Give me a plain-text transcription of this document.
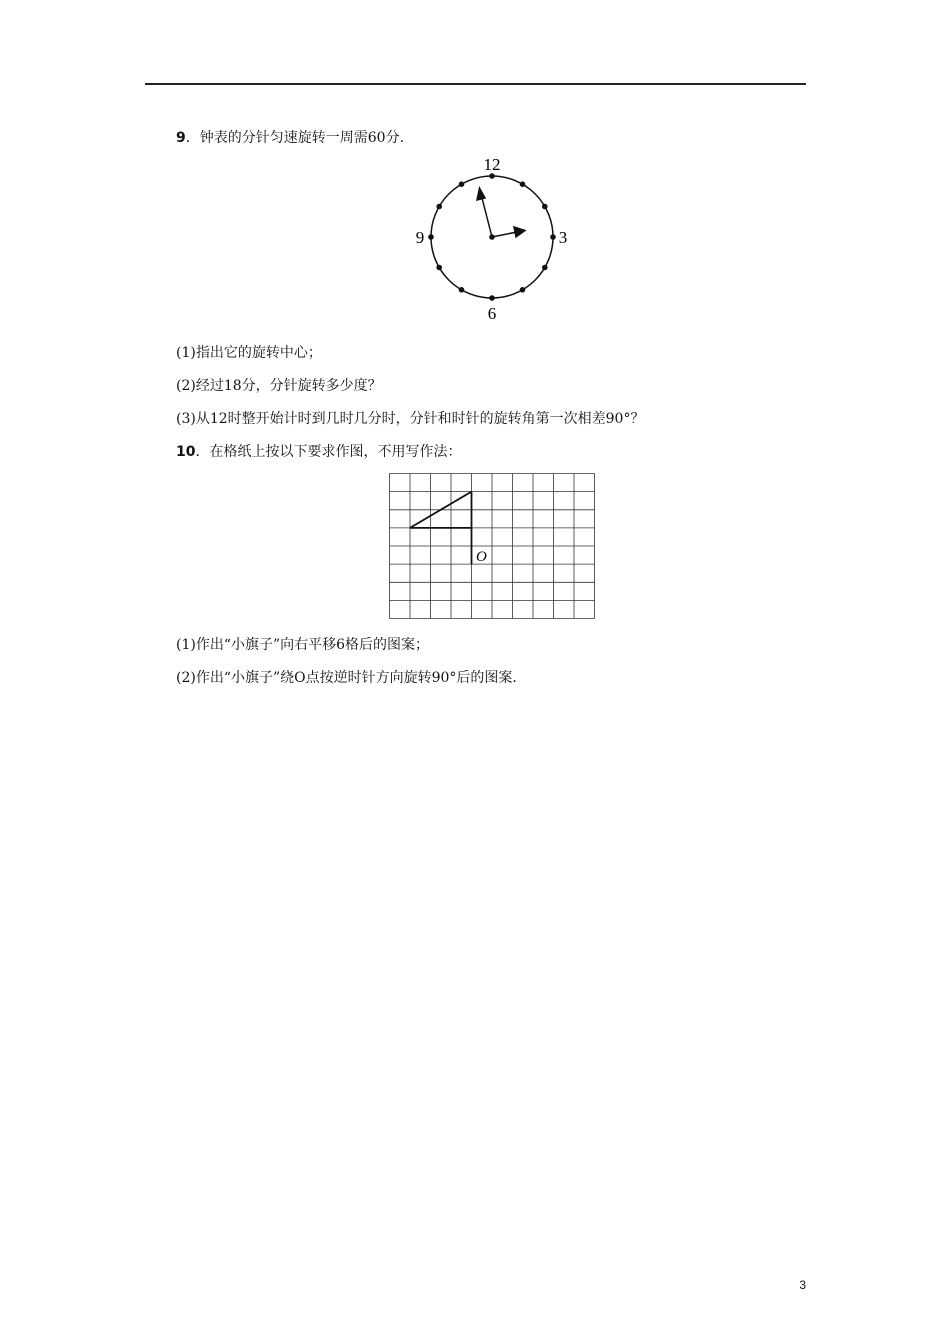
9．钟表的分针匀速旋转一周需60分.
12
3
6
9
(1)指出它的旋转中心；
(2)经过18分，分针旋转多少度？
(3)从12时整开始计时到几时几分时，分针和时针的旋转角第一次相差90°？
10．在格纸上按以下要求作图，不用写作法：
O
(1)作出“小旗子”向右平移6格后的图案；
(2)作出“小旗子”绕O点按逆时针方向旋转90°后的图案.
3
